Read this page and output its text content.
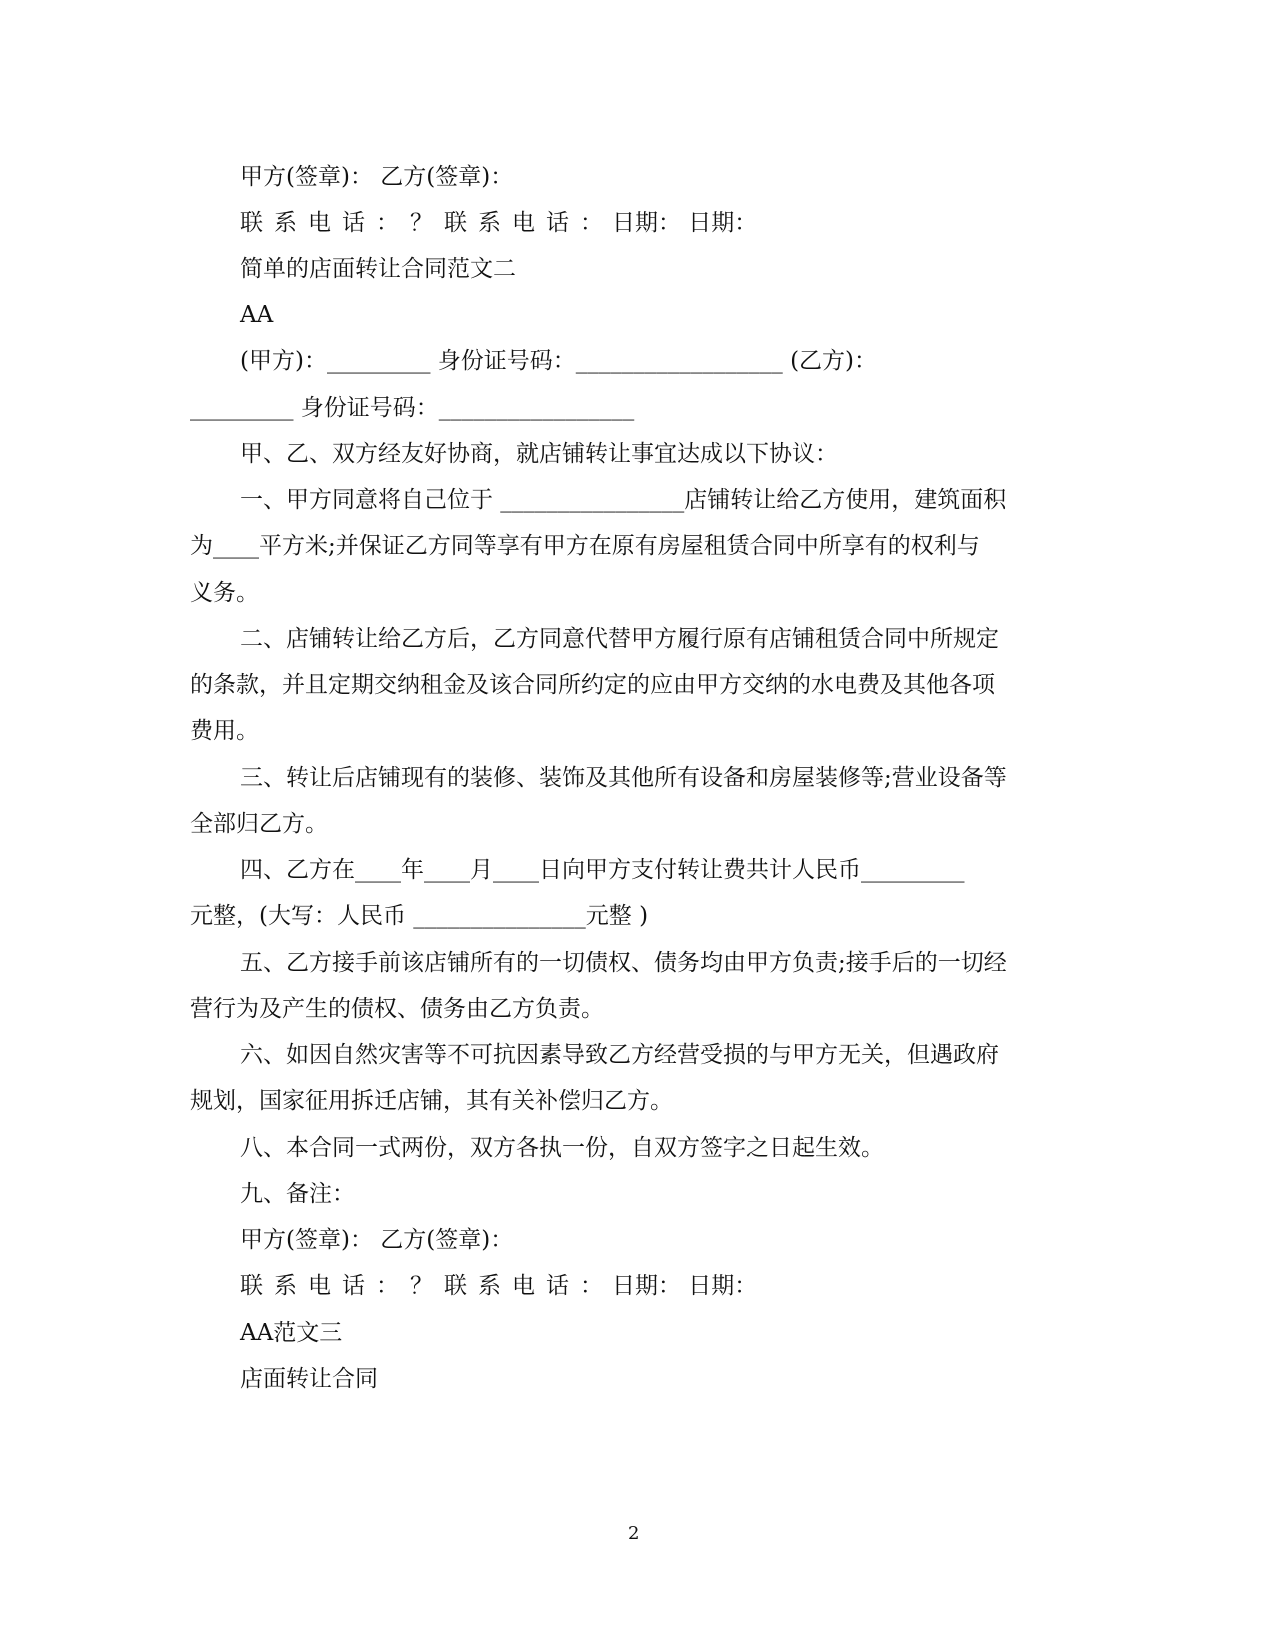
甲方(签章)： 乙方(签章)：
联系电话：？联系电话：
日期： 日期：
简单的店面转让合同范文二
AA
(甲方)：_________ 身份证号码：__________________ (乙方)：
_________ 身份证号码：_________________
甲、乙、双方经友好协商，就店铺转让事宜达成以下协议：
一、甲方同意将自己位于 ________________店铺转让给乙方使用，建筑面积
为____平方米;并保证乙方同等享有甲方在原有房屋租赁合同中所享有的权利与
义务。
二、店铺转让给乙方后，乙方同意代替甲方履行原有店铺租赁合同中所规定
的条款，并且定期交纳租金及该合同所约定的应由甲方交纳的水电费及其他各项
费用。
三、转让后店铺现有的装修、装饰及其他所有设备和房屋装修等;营业设备等
全部归乙方。
四、乙方在____年____月____日向甲方支付转让费共计人民币_________
元整，(大写：人民币 _______________元整 )
五、乙方接手前该店铺所有的一切债权、债务均由甲方负责;接手后的一切经
营行为及产生的债权、债务由乙方负责。
六、如因自然灾害等不可抗因素导致乙方经营受损的与甲方无关，但遇政府
规划，国家征用拆迁店铺，其有关补偿归乙方。
八、本合同一式两份，双方各执一份，自双方签字之日起生效。
九、备注：
甲方(签章)： 乙方(签章)：
联系电话：？联系电话：
日期： 日期：
AA范文三
店面转让合同
2
